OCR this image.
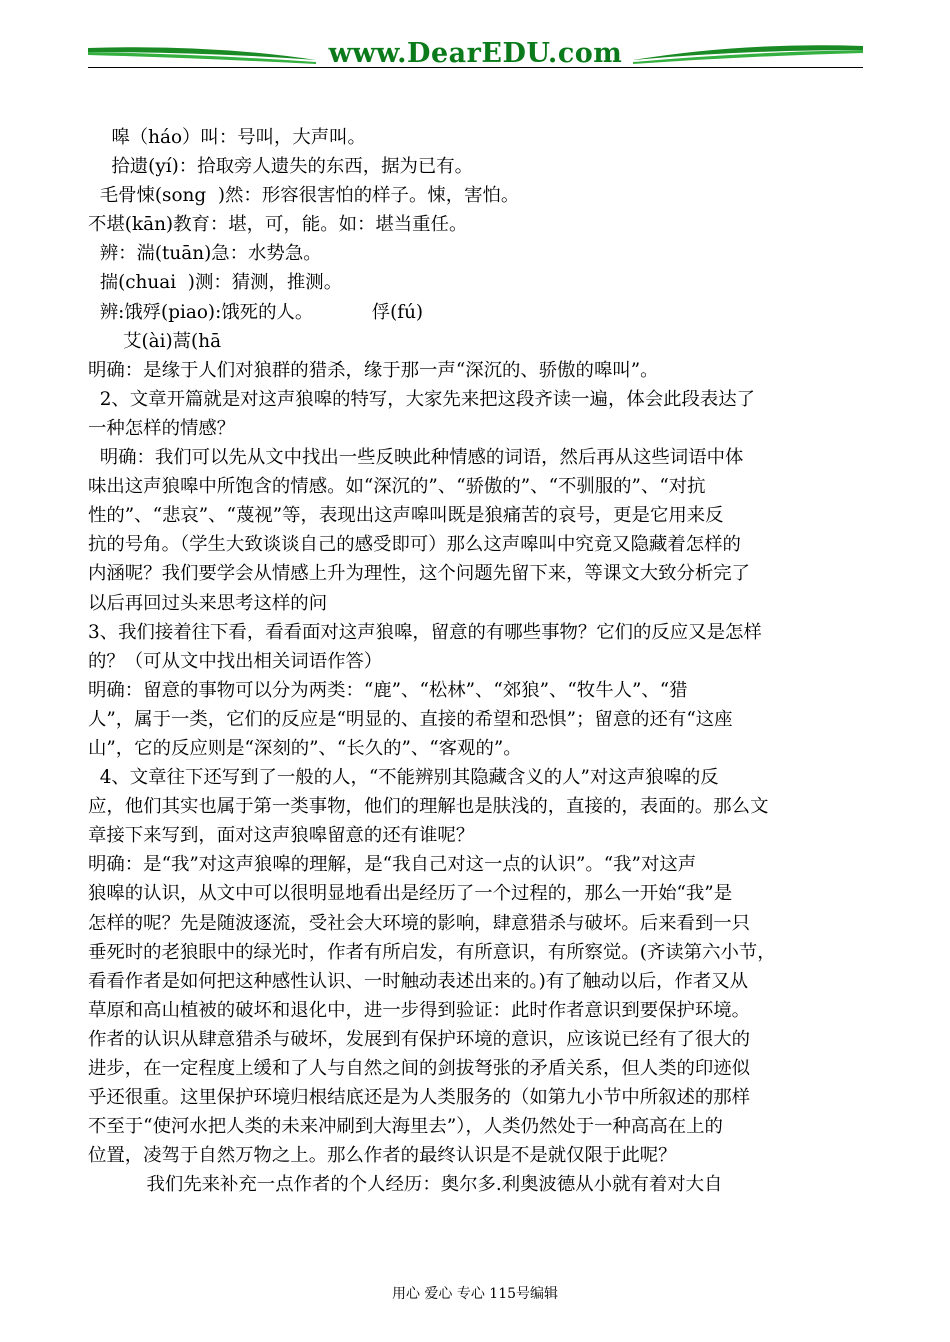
www.DearEDU.com
嗥（háo）叫：号叫，大声叫。
拾遗(yí)：拾取旁人遗失的东西，据为已有。
毛骨悚(song  )然：形容很害怕的样子。悚，害怕。
不堪(kān)教育：堪，可，能。如：堪当重任。
辨：湍(tuān)急：水势急。
揣(chuai  )测：猜测，推测。
辨:饿殍(piao):饿死的人。          俘(fú)
艾(ài)蒿(hā
明确：是缘于人们对狼群的猎杀，缘于那一声“深沉的、骄傲的嗥叫”。
2、文章开篇就是对这声狼嗥的特写，大家先来把这段齐读一遍，体会此段表达了
一种怎样的情感？
明确：我们可以先从文中找出一些反映此种情感的词语，然后再从这些词语中体
味出这声狼嗥中所饱含的情感。如“深沉的”、“骄傲的”、“不驯服的”、“对抗
性的”、“悲哀”、“蔑视”等，表现出这声嗥叫既是狼痛苦的哀号，更是它用来反
抗的号角。（学生大致谈谈自己的感受即可）那么这声嗥叫中究竟又隐藏着怎样的
内涵呢？我们要学会从情感上升为理性，这个问题先留下来，等课文大致分析完了
以后再回过头来思考这样的问
3、我们接着往下看，看看面对这声狼嗥，留意的有哪些事物？它们的反应又是怎样
的？（可从文中找出相关词语作答）
明确：留意的事物可以分为两类：“鹿”、“松林”、“郊狼”、“牧牛人”、“猎
人”，属于一类，它们的反应是“明显的、直接的希望和恐惧”；留意的还有“这座
山”，它的反应则是“深刻的”、“长久的”、“客观的”。
4、文章往下还写到了一般的人，“不能辨别其隐藏含义的人”对这声狼嗥的反
应，他们其实也属于第一类事物，他们的理解也是肤浅的，直接的，表面的。那么文
章接下来写到，面对这声狼嗥留意的还有谁呢？
明确：是“我”对这声狼嗥的理解，是“我自己对这一点的认识”。“我”对这声
狼嗥的认识，从文中可以很明显地看出是经历了一个过程的，那么一开始“我”是
怎样的呢？先是随波逐流，受社会大环境的影响，肆意猎杀与破坏。后来看到一只
垂死时的老狼眼中的绿光时，作者有所启发，有所意识，有所察觉。(齐读第六小节，
看看作者是如何把这种感性认识、一时触动表述出来的。)有了触动以后，作者又从
草原和高山植被的破坏和退化中，进一步得到验证：此时作者意识到要保护环境。
作者的认识从肆意猎杀与破坏，发展到有保护环境的意识，应该说已经有了很大的
进步，在一定程度上缓和了人与自然之间的剑拔弩张的矛盾关系，但人类的印迹似
乎还很重。这里保护环境归根结底还是为人类服务的（如第九小节中所叙述的那样
不至于“使河水把人类的未来冲刷到大海里去”），人类仍然处于一种高高在上的
位置，凌驾于自然万物之上。那么作者的最终认识是不是就仅限于此呢？
我们先来补充一点作者的个人经历：奥尔多.利奥波德从小就有着对大自
用心 爱心 专心 115号编辑
